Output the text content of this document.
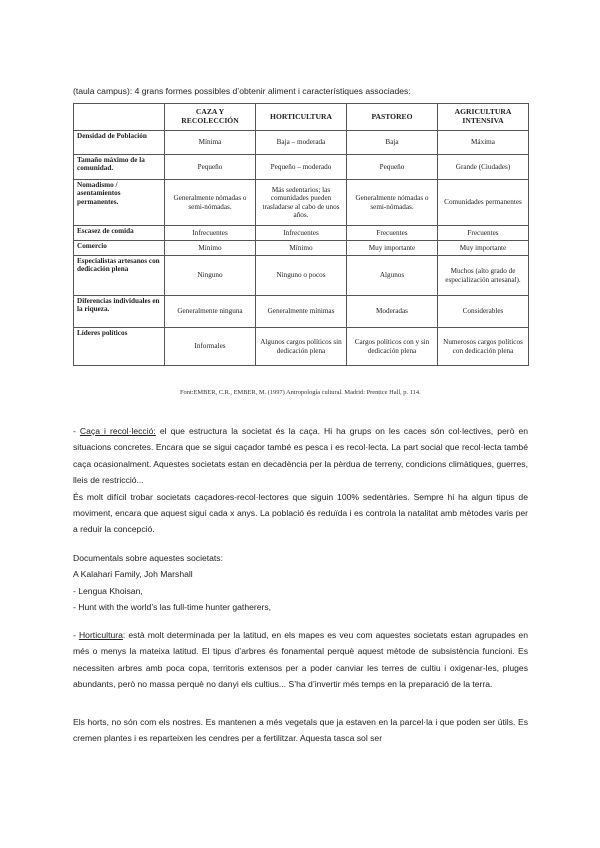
(taula campus): 4 grans formes possibles d’obtenir aliment i característiques associades:
	CAZA Y RECOLECCIÓN	HORTICULTURA	PASTOREO	AGRICULTURA INTENSIVA
Densidad de Población	Mínima	Baja – moderada	Baja	Máxima
Tamaño máximo de la comunidad.	Pequeño	Pequeño – moderado	Pequeño	Grande (Ciudades)
Nomadismo / asentamientos permanentes.	Generalmente nómadas o semi-nómadas.	Más sedentarios; las comunidades pueden trasladarse al cabo de unos años.	Generalmente nómadas o semi-nómadas.	Comunidades permanentes
Escasez de comida	Infrecuentes	Infrecuentes	Frecuentes	Frecuentes
Comercio	Mínimo	Mínimo	Muy importante	Muy importante
Especialistas artesanos con dedicación plena	Ninguno	Ninguno o pocos	Algunos	Muchos (alto grado de especialización artesanal).
Diferencias individuales en la riqueza.	Generalmente ninguna	Generalmente mínimas	Moderadas	Considerables
Líderes políticos	Informales	Algunos cargos políticos sin dedicación plena	Cargos políticos con y sin dedicación plena	Numerosos cargos políticos con dedicación plena
Font:EMBER, C.R., EMBER, M. (1997) Antropología cultural. Madrid: Prentice Hall, p. 114.

- Caça i recol·lecció: el que estructura la societat és la caça. Hi ha grups on les caces són col·lectives, però en situacions concretes. Encara que se sigui caçador també es pesca i es recol·lecta. La part social que recol·lecta també caça ocasionalment. Aquestes societats estan en decadència per la pèrdua de terreny, condicions climàtiques, guerres, lleis de restricció...

És molt difícil trobar societats caçadores-recol·lectores que siguin 100% sedentàries. Sempre hi ha algun tipus de moviment, encara que aquest sigui cada x anys. La població és reduïda i es controla la natalitat amb mètodes varis per a reduir la concepció.

Documentals sobre aquestes societats:

A Kalahari Family, Joh Marshall

- Lengua Khoisan,

- Hunt with the world’s las full-time hunter gatherers,

- Horticultura: està molt determinada per la latitud, en els mapes es veu com aquestes societats estan agrupades en més o menys la mateixa latitud. El tipus d’arbres és fonamental perquè aquest mètode de subsistència funcioni. Es necessiten arbres amb poca copa, territoris extensos per a poder canviar les terres de cultiu i oxigenar-les, pluges abundants, però no massa perquè no danyi els cultius... S’ha d’invertir més temps en la preparació de la terra.

Els horts, no són com els nostres. Es mantenen a més vegetals que ja estaven en la parcel·la i que poden ser útils. Es cremen plantes i es reparteixen les cendres per a fertilitzar. Aquesta tasca sol ser
